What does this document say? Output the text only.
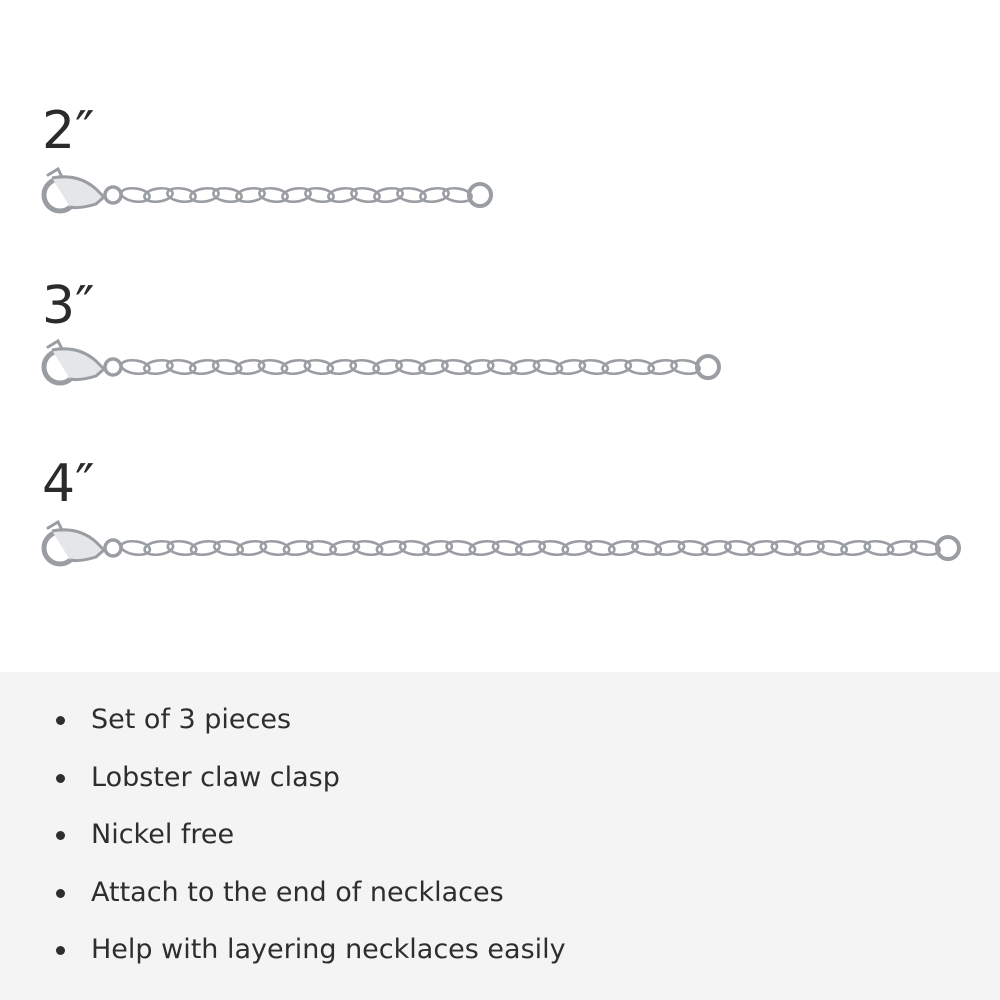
2″
3″
4″
Set of 3 pieces
Lobster claw clasp
Nickel free
Attach to the end of necklaces
Help with layering necklaces easily
